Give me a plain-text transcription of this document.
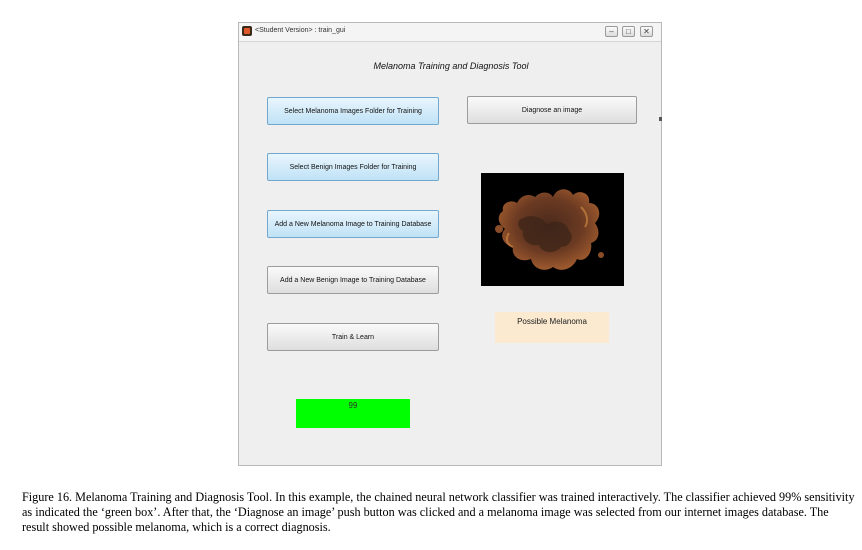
<Student Version> : train_gui	–	□	✕
Melanoma Training and Diagnosis Tool
Select Melanoma Images Folder for Training
Select Benign Images Folder for Training
Add a New Melanoma Image to Training Database
Add a New Benign Image to Training Database
Train & Learn
Diagnose an image
Possible Melanoma
99
Figure 16. Melanoma Training and Diagnosis Tool. In this example, the chained neural network classifier was trained interactively. The classifier achieved 99% sensitivity as indicated the ‘green box’. After that, the ‘Diagnose an image’ push button was clicked and a melanoma image was selected from our internet images database. The result showed possible melanoma, which is a correct diagnosis.
